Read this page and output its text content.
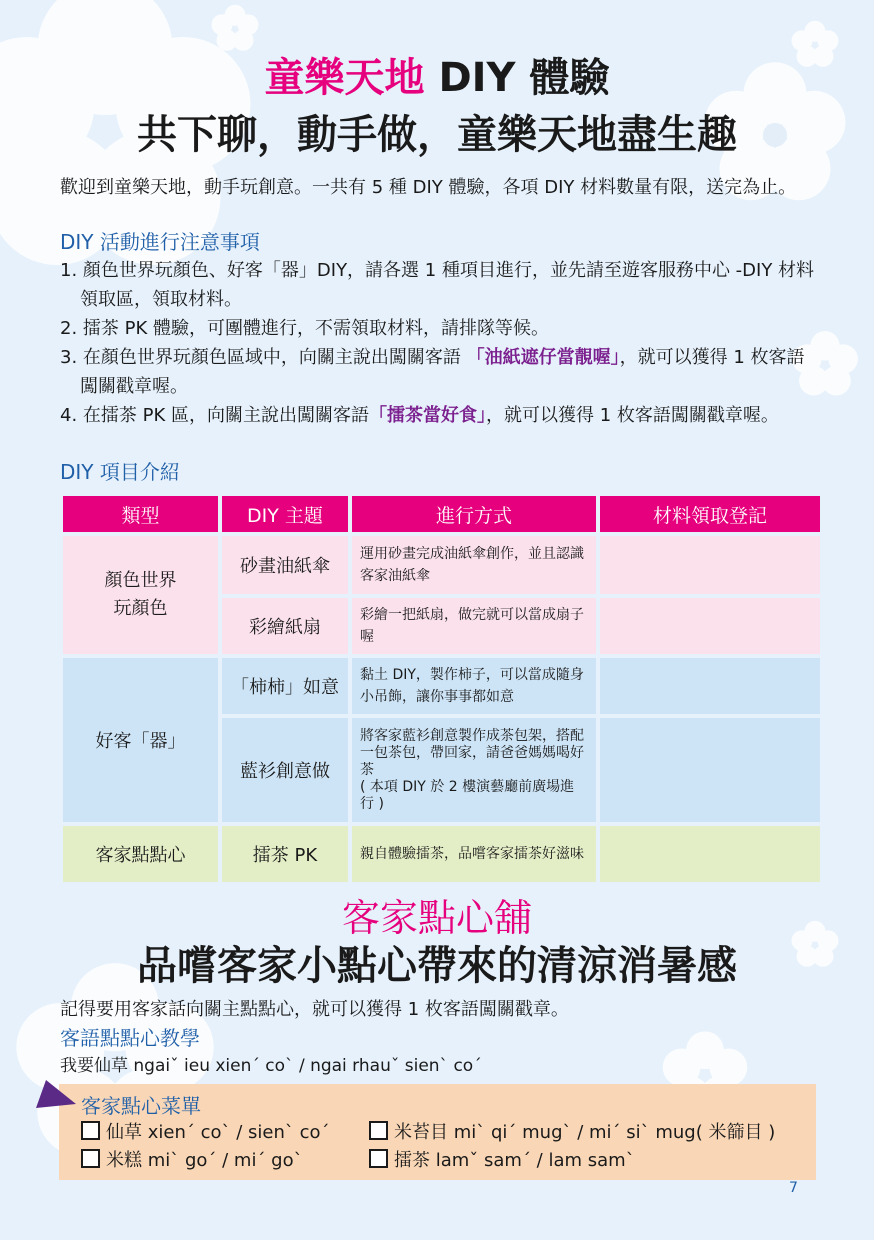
童樂天地 DIY 體驗
共下聊，動手做，童樂天地盡生趣
歡迎到童樂天地，動手玩創意。一共有 5 種 DIY 體驗，各項 DIY 材料數量有限，送完為止。
DIY 活動進行注意事項
1. 顏色世界玩顏色、好客「器」DIY，請各選 1 種項目進行，並先請至遊客服務中心 -DIY 材料領取區，領取材料。
2. 擂茶 PK 體驗，可團體進行，不需領取材料，請排隊等候。
3. 在顏色世界玩顏色區域中，向關主說出闖關客語 「油紙遮仔當靚喔」，就可以獲得 1 枚客語闖關戳章喔。
4. 在擂茶 PK 區，向關主說出闖關客語「擂茶當好食」，就可以獲得 1 枚客語闖關戳章喔。
DIY 項目介紹
類型	DIY 主題	進行方式	材料領取登記
顏色世界
玩顏色	砂畫油紙傘	運用砂畫完成油紙傘創作，並且認識客家油紙傘	
	彩繪紙扇	彩繪一把紙扇，做完就可以當成扇子喔	
好客「器」	「柿柿」如意	黏土 DIY，製作柿子，可以當成隨身小吊飾，讓你事事都如意	
	藍衫創意做	將客家藍衫創意製作成茶包架，搭配一包茶包，帶回家，請爸爸媽媽喝好茶
( 本項 DIY 於 2 樓演藝廳前廣場進行 )	
客家點點心	擂茶 PK	親自體驗擂茶，品嚐客家擂茶好滋味	
客家點心舖
品嚐客家小點心帶來的清涼消暑感
記得要用客家話向關主點點心，就可以獲得 1 枚客語闖關戳章。
客語點點心教學
我要仙草 ngaiˇ ieu xien´ co` / ngai rhauˇ sien` co´
客家點心菜單
仙草 xien´ co` / sien` co´	米苔目 mi` qi´ mug` / mi´ si` mug( 米篩目 )
米糕 mi` go´ / mi´ go`	擂茶 lamˇ sam´ / lam sam`
7
